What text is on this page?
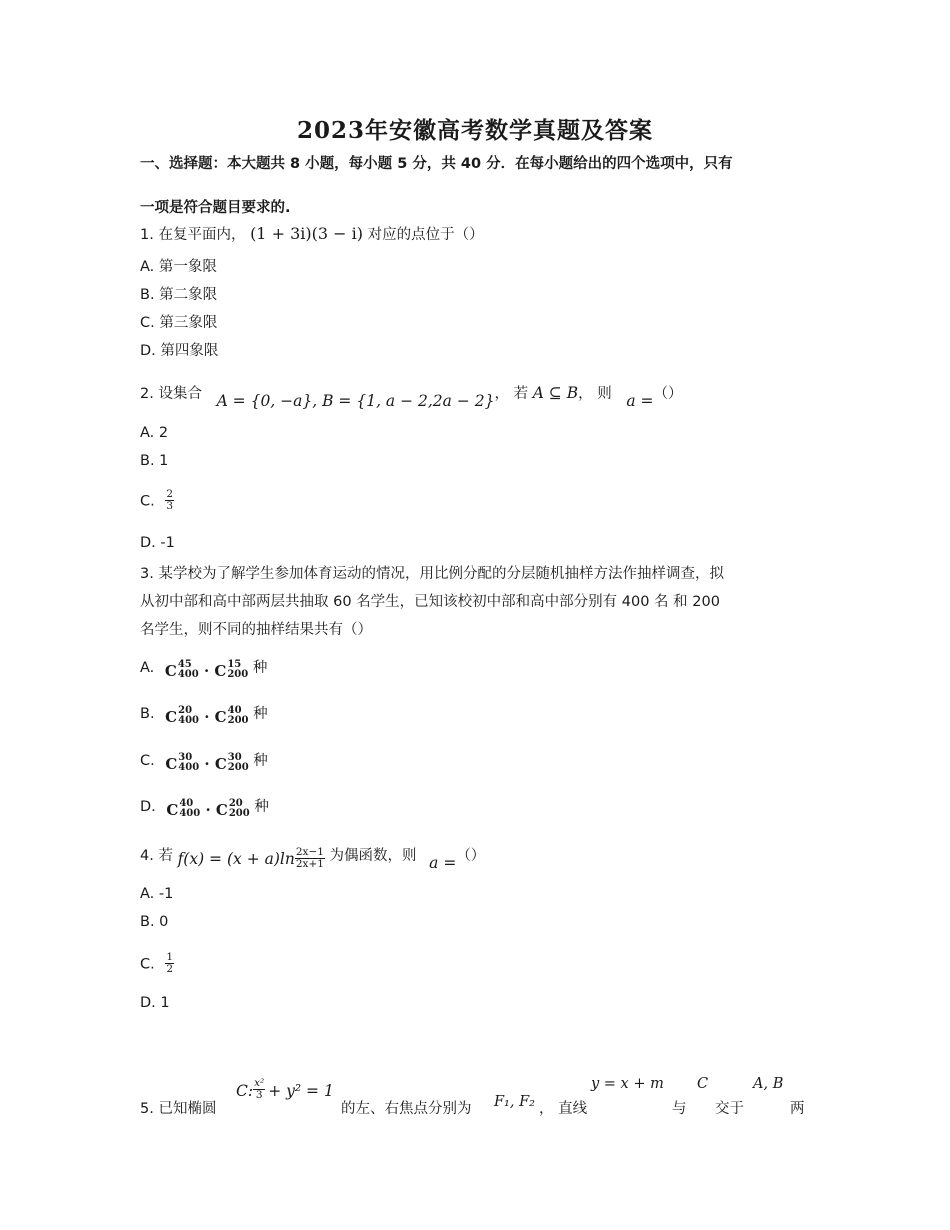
2023年安徽高考数学真题及答案
一、选择题：本大题共 8 小题，每小题 5 分，共 40 分．在每小题给出的四个选项中，只有
一项是符合题目要求的.
1. 在复平面内， (1 + 3i)(3 − i) 对应的点位于（）
A. 第一象限
B. 第二象限
C. 第三象限
D. 第四象限
2. 设集合 A = {0, −a}, B = {1, a − 2,2a − 2}， 若 A ⊆ B， 则 a =（）
A. 2
B. 1
C. $\frac{2}{3}$
D. -1
3. 某学校为了解学生参加体育运动的情况，用比例分配的分层随机抽样方法作抽样调查，拟
从初中部和高中部两层共抽取 60 名学生，已知该校初中部和高中部分别有 400 名 和 200
名学生，则不同的抽样结果共有（）
A. C 45
400 · C 15
200 种
B. C 20
400 · C 40
200 种
C. C 30
400 · C 30
200 种
D. C 40
400 · C 20
200 种
4. 若 $f(x) = (x + a)\ln \frac{2x-1}{2x+1}$ 为偶函数，则 a =（）
A. -1
B. 0
C. $\frac{1}{2}$
D. 1
5. 已知椭圆
C: $\frac{\text{x²}}{3} + y^2 = 1$
的左、右焦点分别为 F₁, F₂ ， 直线
y = x + m
与
C
交于
A, B
两
